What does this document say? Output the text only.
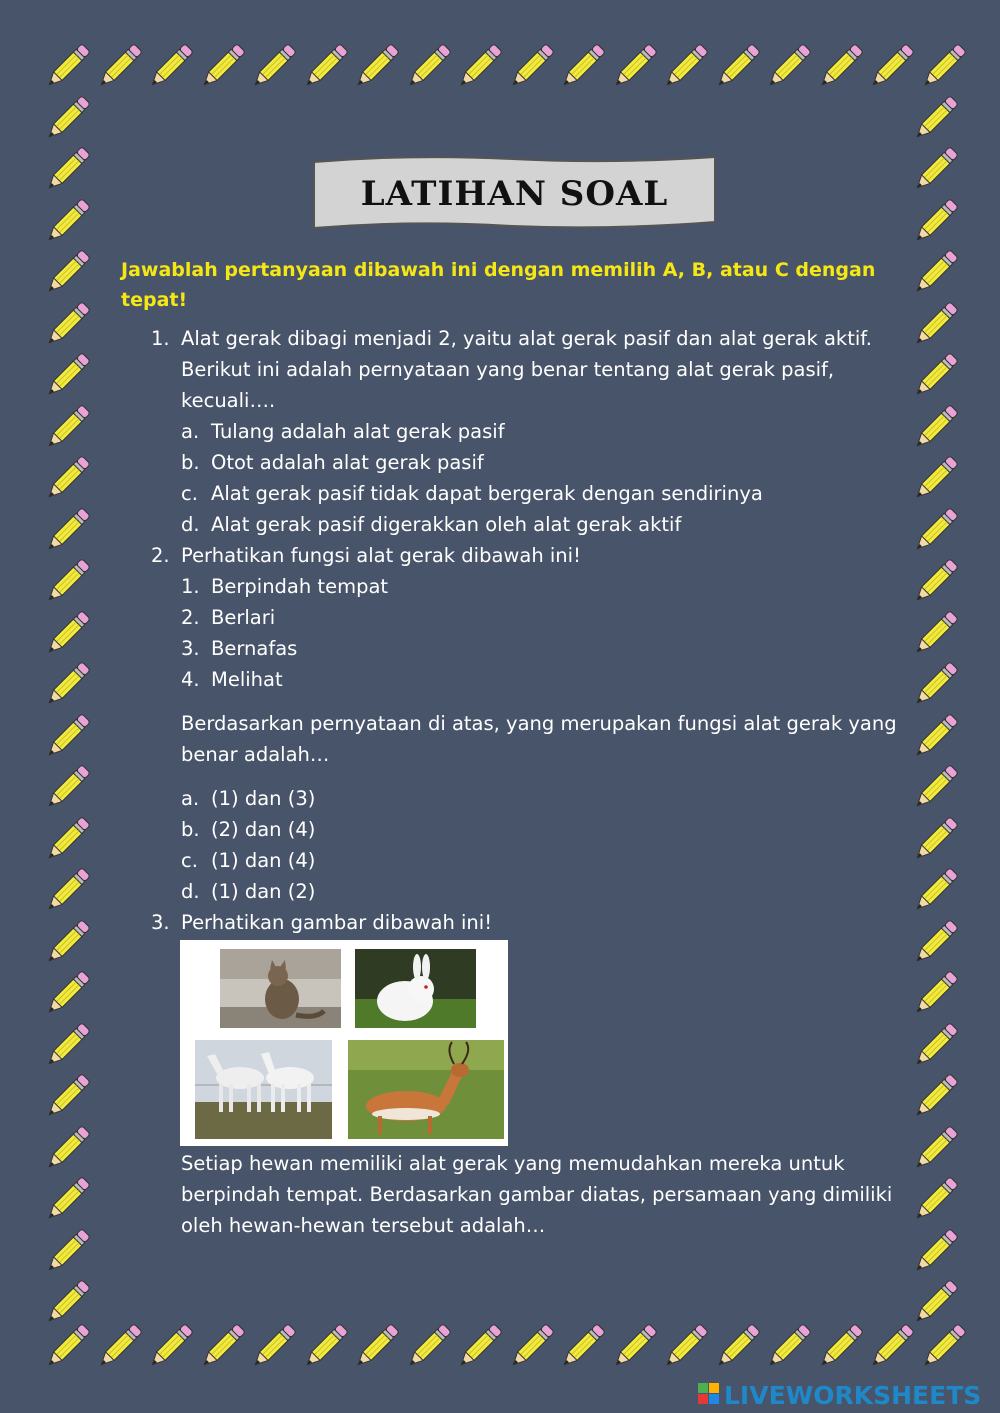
LATIHAN SOAL
Jawablah pertanyaan dibawah ini dengan memilih A, B, atau C dengan tepat!
1. Alat gerak dibagi menjadi 2, yaitu alat gerak pasif dan alat gerak aktif.
Berikut ini adalah pernyataan yang benar tentang alat gerak pasif,
kecuali….
a. Tulang adalah alat gerak pasif
b. Otot adalah alat gerak pasif
c. Alat gerak pasif tidak dapat bergerak dengan sendirinya
d. Alat gerak pasif digerakkan oleh alat gerak aktif
2. Perhatikan fungsi alat gerak dibawah ini!
1. Berpindah tempat
2. Berlari
3. Bernafas
4. Melihat
Berdasarkan pernyataan di atas, yang merupakan fungsi alat gerak yang
benar adalah…
a. (1) dan (3)
b. (2) dan (4)
c. (1) dan (4)
d. (1) dan (2)
3. Perhatikan gambar dibawah ini!
Setiap hewan memiliki alat gerak yang memudahkan mereka untuk
berpindah tempat. Berdasarkan gambar diatas, persamaan yang dimiliki
oleh hewan-hewan tersebut adalah…
LIVEWORKSHEETS
